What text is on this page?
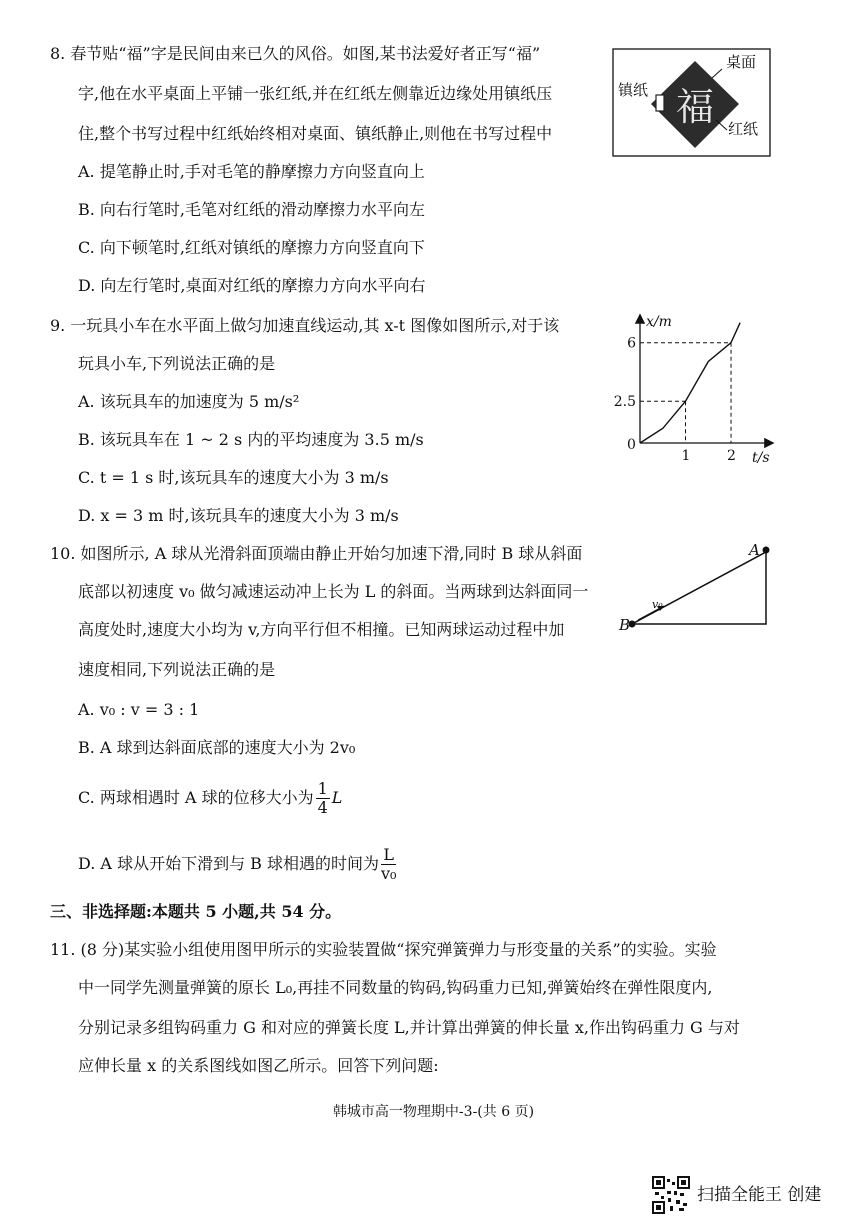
8. 春节贴“福”字是民间由来已久的风俗。如图,某书法爱好者正写“福”
字,他在水平桌面上平铺一张红纸,并在红纸左侧靠近边缘处用镇纸压
住,整个书写过程中红纸始终相对桌面、镇纸静止,则他在书写过程中
A. 提笔静止时,手对毛笔的静摩擦力方向竖直向上
B. 向右行笔时,毛笔对红纸的滑动摩擦力水平向左
C. 向下顿笔时,红纸对镇纸的摩擦力方向竖直向下
D. 向左行笔时,桌面对红纸的摩擦力方向水平向右
福
桌面
镇纸
红纸
9. 一玩具小车在水平面上做匀加速直线运动,其 x-t 图像如图所示,对于该
玩具小车,下列说法正确的是
A. 该玩具车的加速度为 5 m/s²
B. 该玩具车在 1 ~ 2 s 内的平均速度为 3.5 m/s
C. t = 1 s 时,该玩具车的速度大小为 3 m/s
D. x = 3 m 时,该玩具车的速度大小为 3 m/s
1	2
2.5
6
x/m
t/s
0
10. 如图所示, A 球从光滑斜面顶端由静止开始匀加速下滑,同时 B 球从斜面
底部以初速度 v₀ 做匀减速运动冲上长为 L 的斜面。当两球到达斜面同一
高度处时,速度大小均为 v,方向平行但不相撞。已知两球运动过程中加
速度相同,下列说法正确的是
A. v₀ : v = 3 : 1
B. A 球到达斜面底部的速度大小为 2v₀
C. 两球相遇时 A 球的位移大小为 $\frac{1}{4}$ L
D. A 球从开始下滑到与 B 球相遇的时间为 $\frac{L}{\text{v₀}}$
A
B
v₀
三、非选择题:本题共 5 小题,共 54 分。
11. (8 分)某实验小组使用图甲所示的实验装置做“探究弹簧弹力与形变量的关系”的实验。实验
中一同学先测量弹簧的原长 L₀,再挂不同数量的钩码,钩码重力已知,弹簧始终在弹性限度内,
分别记录多组钩码重力 G 和对应的弹簧长度 L,并计算出弹簧的伸长量 x,作出钩码重力 G 与对
应伸长量 x 的关系图线如图乙所示。回答下列问题:
韩城市高一物理期中-3-(共 6 页)
扫描全能王 创建
